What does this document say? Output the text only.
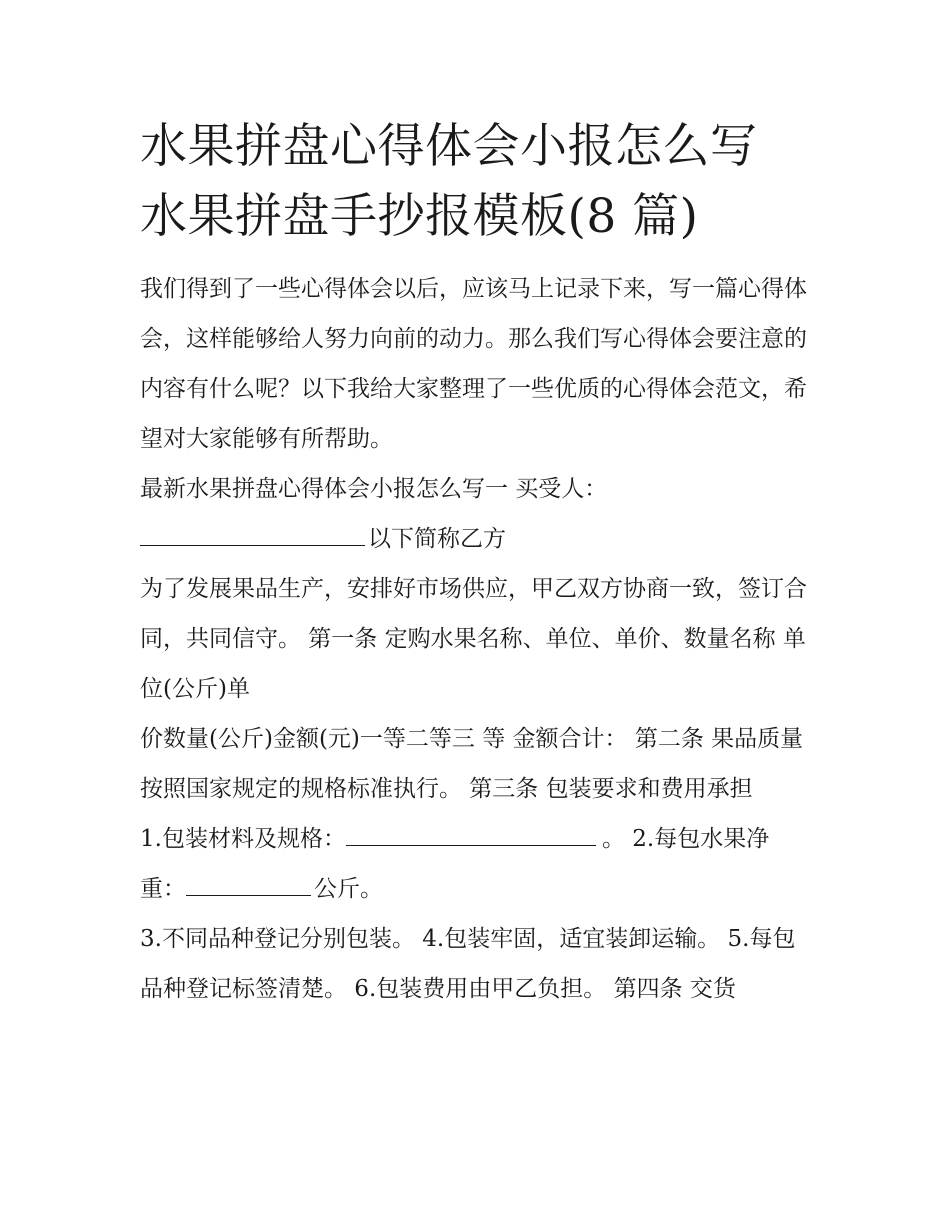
水果拼盘心得体会小报怎么写
水果拼盘手抄报模板(8 篇)

我们得到了一些心得体会以后，应该马上记录下来，写一篇心得体会，这样能够给人努力向前的动力。那么我们写心得体会要注意的内容有什么呢？以下我给大家整理了一些优质的心得体会范文，希望对大家能够有所帮助。

最新水果拼盘心得体会小报怎么写一 买受人：

以下简称乙方

为了发展果品生产，安排好市场供应，甲乙双方协商一致，签订合同，共同信守。 第一条 定购水果名称、单位、单价、数量名称 单位(公斤)单

价数量(公斤)金额(元)一等二等三 等 金额合计： 第二条 果品质量 按照国家规定的规格标准执行。 第三条 包装要求和费用承担

1.包装材料及规格：	。 2.每包水果净重：	公斤。

3.不同品种登记分别包装。 4.包装牢固，适宜装卸运输。 5.每包品种登记标签清楚。 6.包装费用由甲乙负担。 第四条 交货
